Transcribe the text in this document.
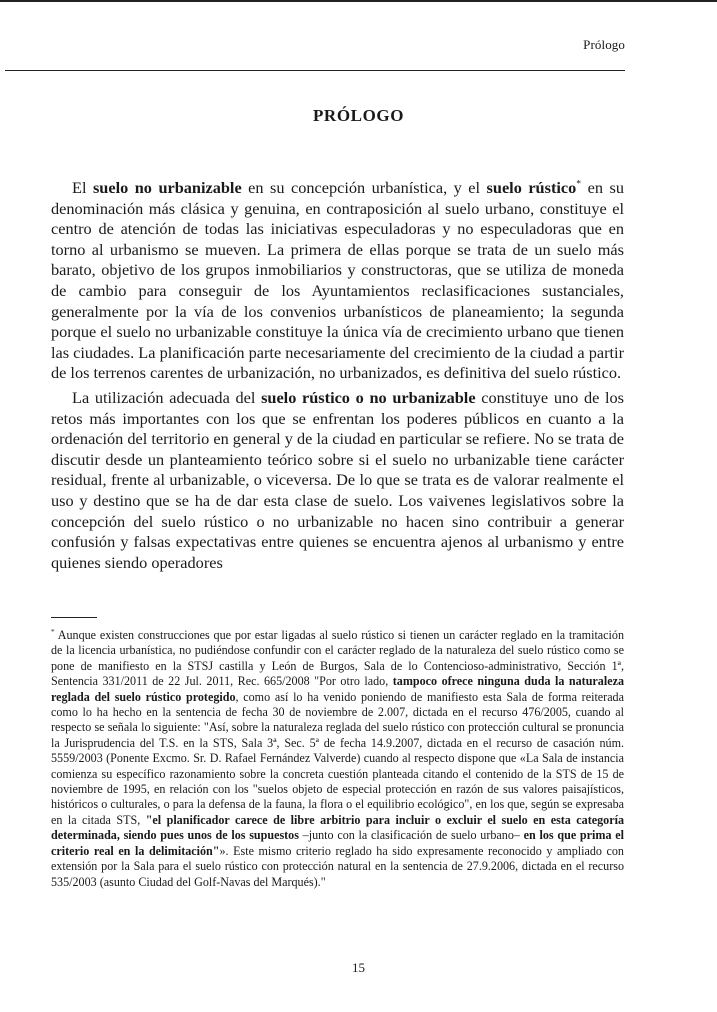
Prólogo
PRÓLOGO

El suelo no urbanizable en su concepción urbanística, y el suelo rústico* en su denominación más clásica y genuina, en contraposición al suelo urbano, constituye el centro de atención de todas las iniciativas especuladoras y no especuladoras que en torno al urbanismo se mueven. La primera de ellas porque se trata de un suelo más barato, objetivo de los grupos inmobiliarios y constructoras, que se utiliza de moneda de cambio para conseguir de los Ayuntamientos reclasificaciones sustanciales, generalmente por la vía de los convenios urbanísticos de planeamiento; la segunda porque el suelo no urbanizable constituye la única vía de crecimiento urbano que tienen las ciudades. La planificación parte necesariamente del crecimiento de la ciudad a partir de los terrenos carentes de urbanización, no urbanizados, es definitiva del suelo rústico.

La utilización adecuada del suelo rústico o no urbanizable constituye uno de los retos más importantes con los que se enfrentan los poderes públicos en cuanto a la ordenación del territorio en general y de la ciudad en particular se refiere. No se trata de discutir desde un planteamiento teórico sobre si el suelo no urbanizable tiene carácter residual, frente al urbanizable, o viceversa. De lo que se trata es de valorar realmente el uso y destino que se ha de dar esta clase de suelo. Los vaivenes legislativos sobre la concepción del suelo rústico o no urbanizable no hacen sino contribuir a generar confusión y falsas expectativas entre quienes se encuentra ajenos al urbanismo y entre quienes siendo operadores

* Aunque existen construcciones que por estar ligadas al suelo rústico si tienen un carácter reglado en la tramitación de la licencia urbanística, no pudiéndose confundir con el carácter reglado de la naturaleza del suelo rústico como se pone de manifiesto en la STSJ castilla y León de Burgos, Sala de lo Contencioso-administrativo, Sección 1ª, Sentencia 331/2011 de 22 Jul. 2011, Rec. 665/2008 "Por otro lado, tampoco ofrece ninguna duda la naturaleza reglada del suelo rústico protegido, como así lo ha venido poniendo de manifiesto esta Sala de forma reiterada como lo ha hecho en la sentencia de fecha 30 de noviembre de 2.007, dictada en el recurso 476/2005, cuando al respecto se señala lo siguiente: "Así, sobre la naturaleza reglada del suelo rústico con protección cultural se pronuncia la Jurisprudencia del T.S. en la STS, Sala 3ª, Sec. 5ª de fecha 14.9.2007, dictada en el recurso de casación núm. 5559/2003 (Ponente Excmo. Sr. D. Rafael Fernández Valverde) cuando al respecto dispone que «La Sala de instancia comienza su específico razonamiento sobre la concreta cuestión planteada citando el contenido de la STS de 15 de noviembre de 1995, en relación con los "suelos objeto de especial protección en razón de sus valores paisajísticos, históricos o culturales, o para la defensa de la fauna, la flora o el equilibrio ecológico", en los que, según se expresaba en la citada STS, "el planificador carece de libre arbitrio para incluir o excluir el suelo en esta categoría determinada, siendo pues unos de los supuestos –junto con la clasificación de suelo urbano– en los que prima el criterio real en la delimitación"». Este mismo criterio reglado ha sido expresamente reconocido y ampliado con extensión por la Sala para el suelo rústico con protección natural en la sentencia de 27.9.2006, dictada en el recurso 535/2003 (asunto Ciudad del Golf-Navas del Marqués)."

15
